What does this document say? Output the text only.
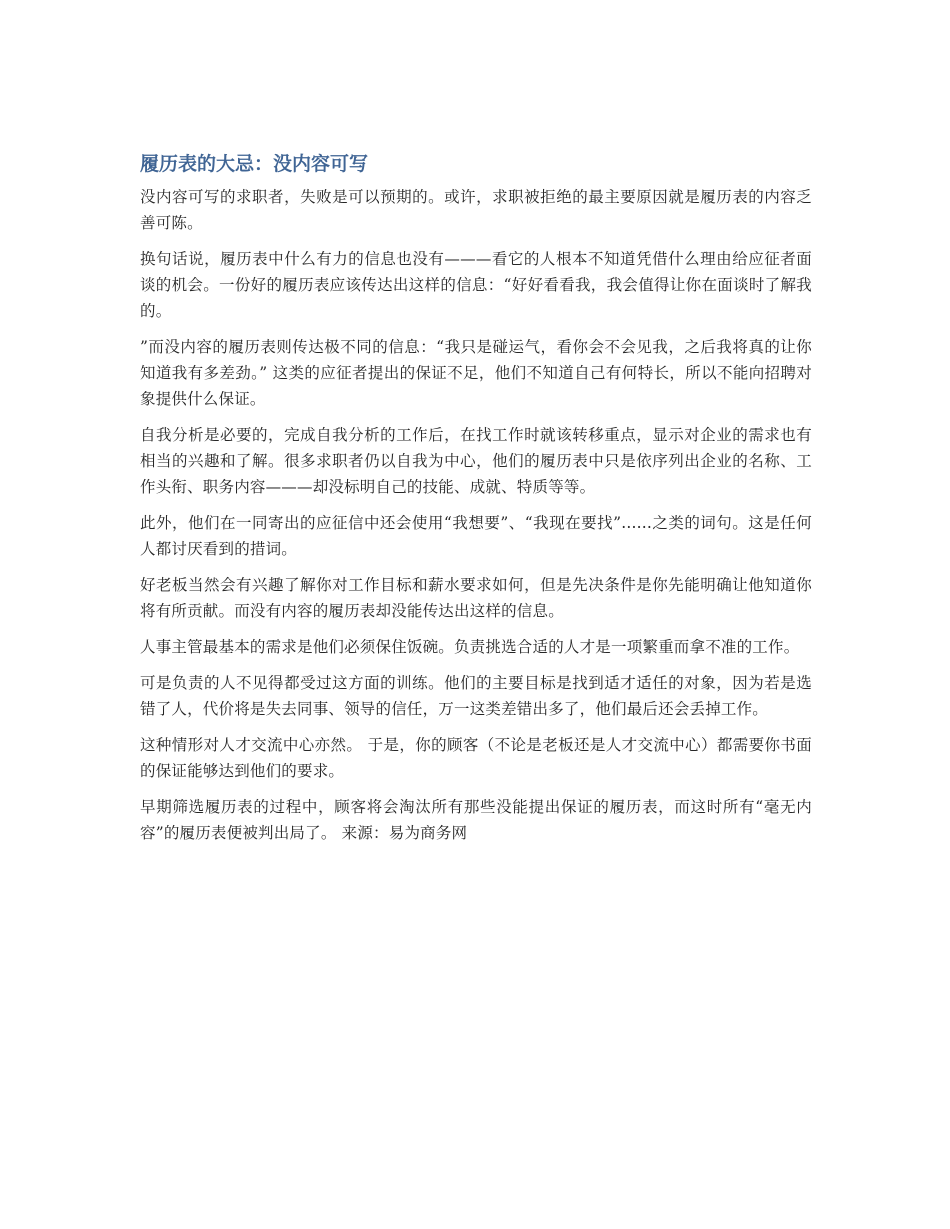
履历表的大忌：没内容可写

没内容可写的求职者，失败是可以预期的。或许，求职被拒绝的最主要原因就是履历表的内容乏善可陈。

换句话说，履历表中什么有力的信息也没有———看它的人根本不知道凭借什么理由给应征者面谈的机会。一份好的履历表应该传达出这样的信息：“好好看看我，我会值得让你在面谈时了解我的。

”而没内容的履历表则传达极不同的信息：“我只是碰运气，看你会不会见我，之后我将真的让你知道我有多差劲。” 这类的应征者提出的保证不足，他们不知道自己有何特长，所以不能向招聘对象提供什么保证。

自我分析是必要的，完成自我分析的工作后，在找工作时就该转移重点，显示对企业的需求也有相当的兴趣和了解。很多求职者仍以自我为中心，他们的履历表中只是依序列出企业的名称、工作头衔、职务内容———却没标明自己的技能、成就、特质等等。

此外，他们在一同寄出的应征信中还会使用“我想要”、“我现在要找”......之类的词句。这是任何人都讨厌看到的措词。

好老板当然会有兴趣了解你对工作目标和薪水要求如何，但是先决条件是你先能明确让他知道你将有所贡献。而没有内容的履历表却没能传达出这样的信息。

人事主管最基本的需求是他们必须保住饭碗。负责挑选合适的人才是一项繁重而拿不准的工作。

可是负责的人不见得都受过这方面的训练。他们的主要目标是找到适才适任的对象，因为若是选错了人，代价将是失去同事、领导的信任，万一这类差错出多了，他们最后还会丢掉工作。

这种情形对人才交流中心亦然。 于是，你的顾客（不论是老板还是人才交流中心）都需要你书面的保证能够达到他们的要求。

早期筛选履历表的过程中，顾客将会淘汰所有那些没能提出保证的履历表，而这时所有“毫无内容”的履历表便被判出局了。 来源：易为商务网
